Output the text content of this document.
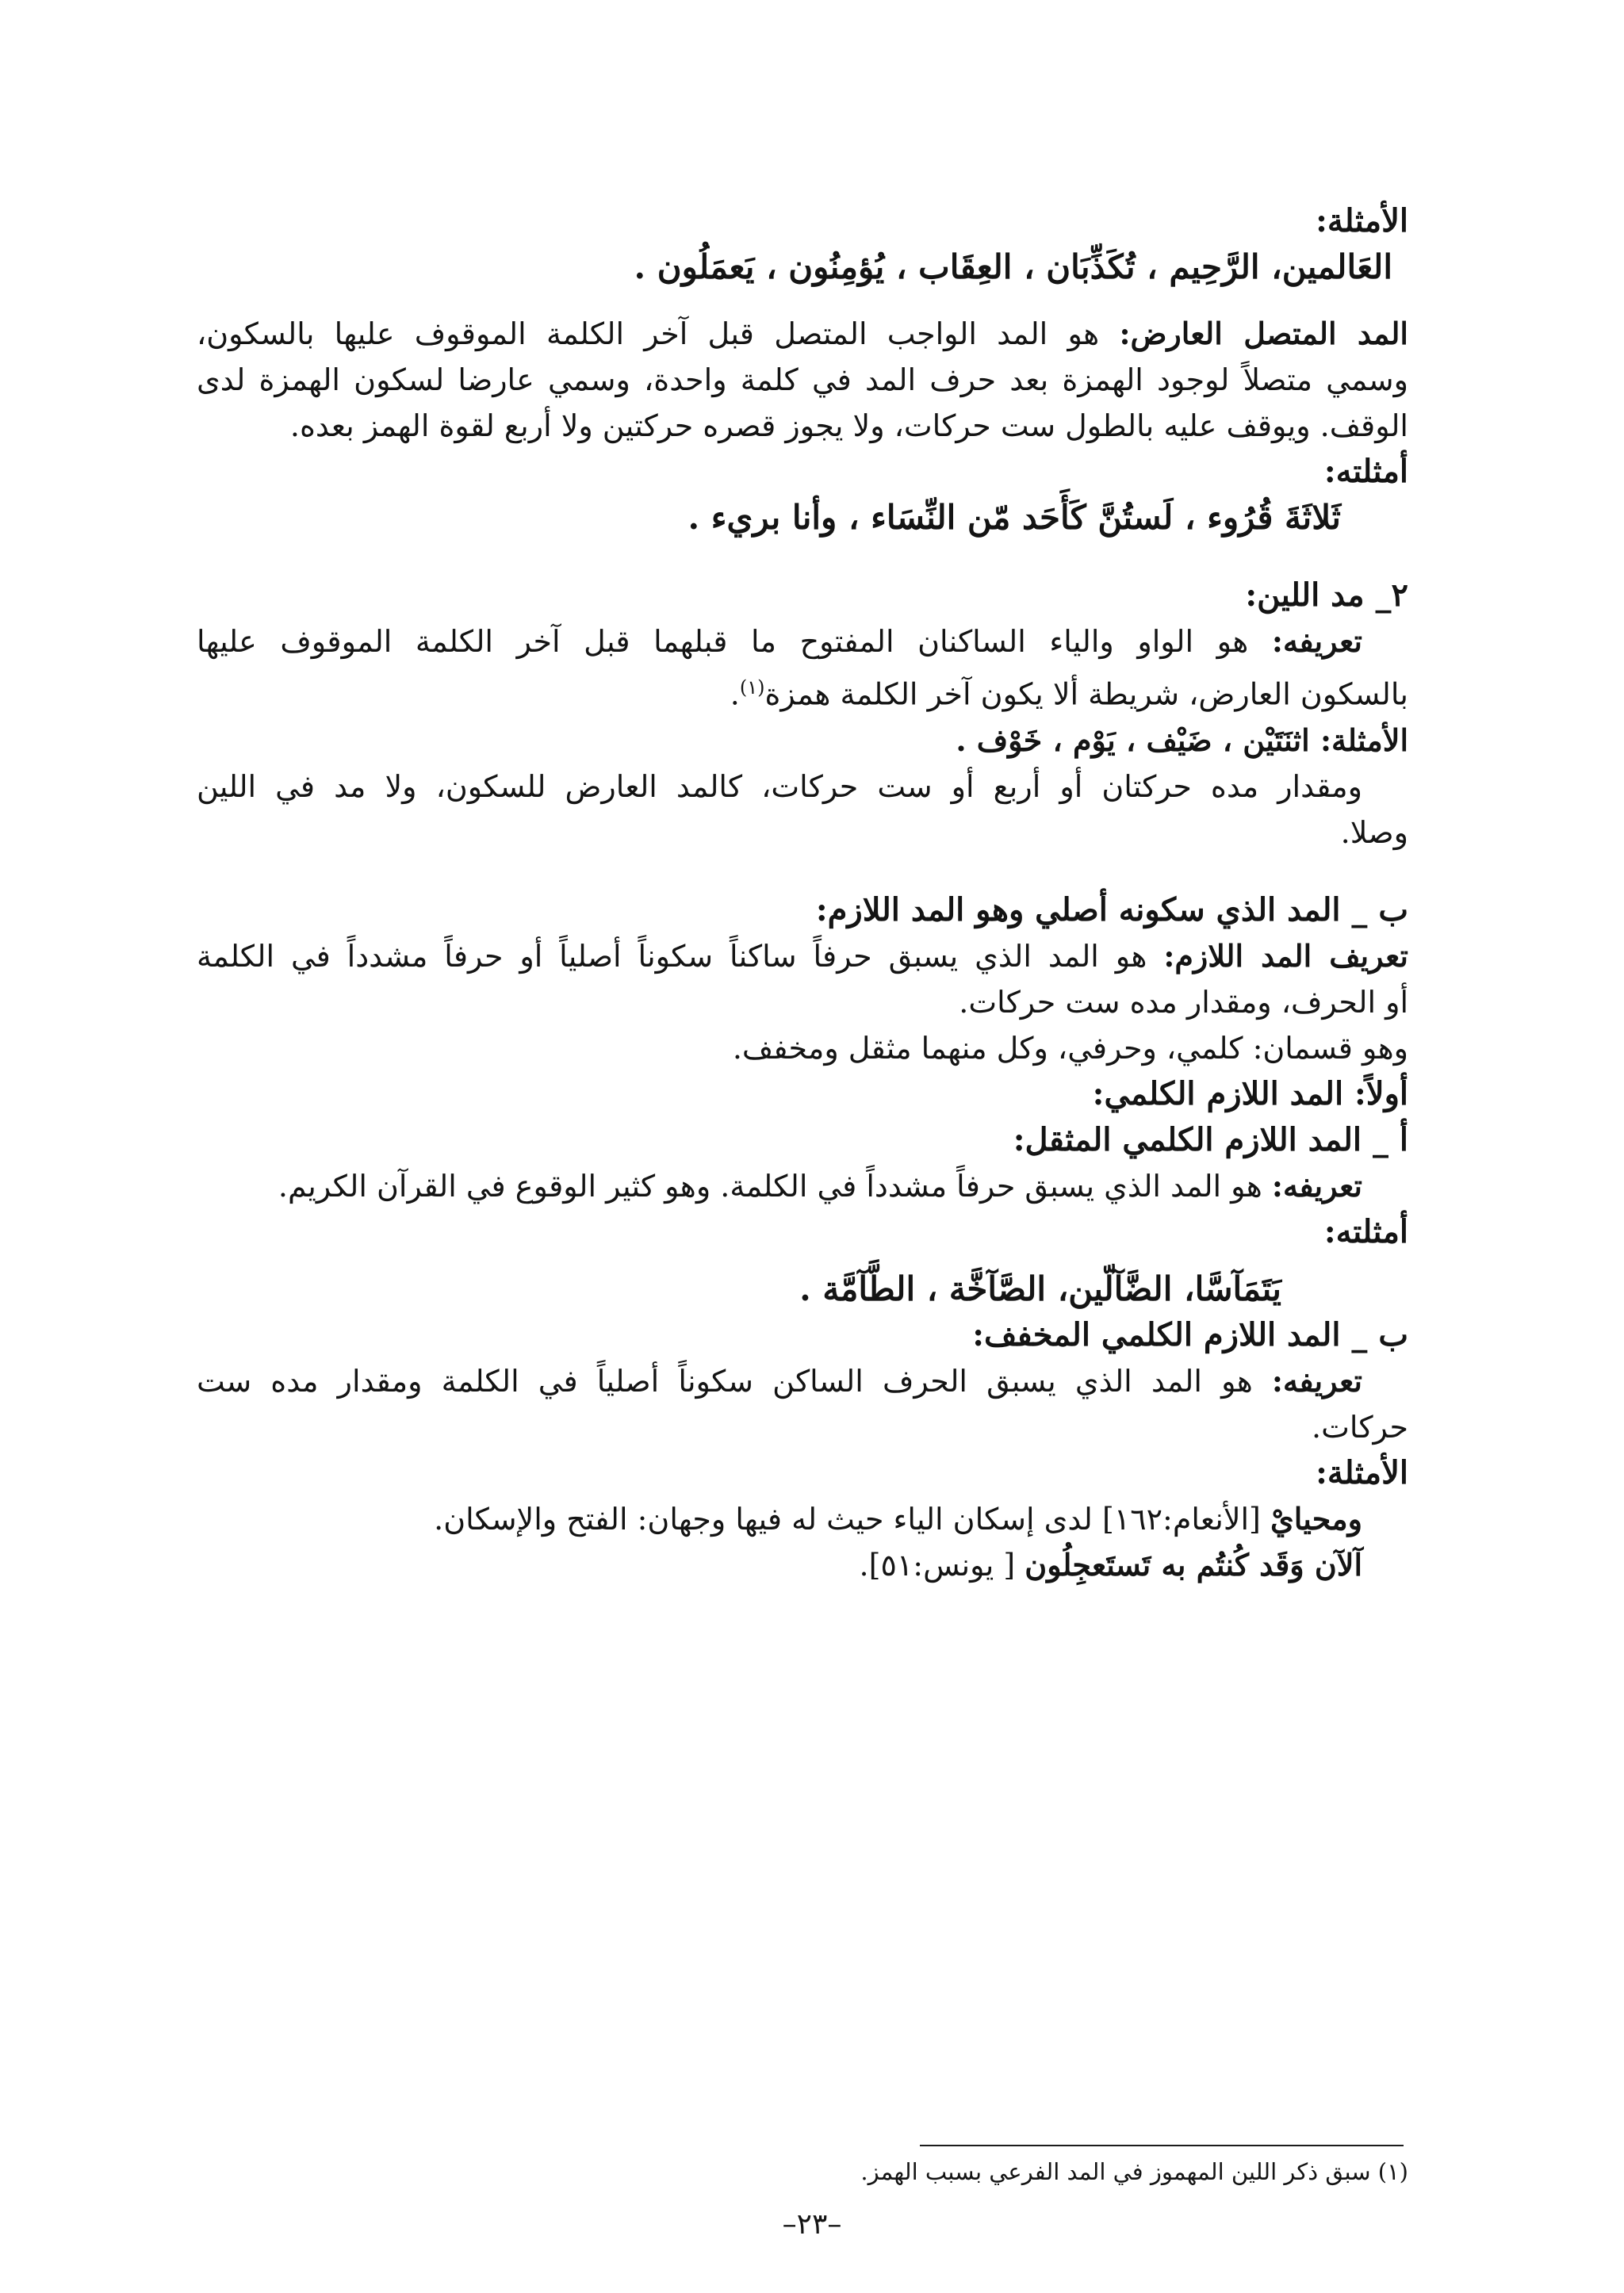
الأمثلة:

العَالمين، الرَّحِيم ، تُكَذِّبَان ، العِقَاب ، يُؤمِنُون ، يَعمَلُون .

المد المتصل العارض: هو المد الواجب المتصل قبل آخر الكلمة الموقوف عليها بالسكون،

وسمي متصلاً لوجود الهمزة بعد حرف المد في كلمة واحدة، وسمي عارضا لسكون الهمزة لدى

الوقف. ويوقف عليه بالطول ست حركات، ولا يجوز قصره حركتين ولا أربع لقوة الهمز بعده.

أمثلته:

ثَلاثَةَ قُرُوء ، لَستُنَّ كَأَحَد مّن النِّسَاء ، وأنا بريء .

٢_ مد اللين:

تعريفه: هو الواو والياء الساكنان المفتوح ما قبلهما قبل آخر الكلمة الموقوف عليها

بالسكون العارض، شريطة ألا يكون آخر الكلمة همزة$^{(١)}$.

الأمثلة: اثنَتَيْن ، ضَيْف ، يَوْم ، خَوْف .

ومقدار مده حركتان أو أربع أو ست حركات، كالمد العارض للسكون، ولا مد في اللين

وصلا.

ب _ المد الذي سكونه أصلي وهو المد اللازم:

تعريف المد اللازم: هو المد الذي يسبق حرفاً ساكناً سكوناً أصلياً أو حرفاً مشدداً في الكلمة

أو الحرف، ومقدار مده ست حركات.

وهو قسمان: كلمي، وحرفي، وكل منهما مثقل ومخفف.

أولاً: المد اللازم الكلمي:

أ _ المد اللازم الكلمي المثقل:

تعريفه: هو المد الذي يسبق حرفاً مشدداً في الكلمة. وهو كثير الوقوع في القرآن الكريم.

أمثلته:

يَتَمَآسَّا، الضَّآلّين، الصَّآخَّة ، الطَّآمَّة .

ب _ المد اللازم الكلمي المخفف:

تعريفه: هو المد الذي يسبق الحرف الساكن سكوناً أصلياً في الكلمة ومقدار مده ست

حركات.

الأمثلة:

ومحيايْ [الأنعام:١٦٢] لدى إسكان الياء حيث له فيها وجهان: الفتح والإسكان.

آلآن وَقَد كُنتُم به تَستَعجِلُون [ يونس:٥١].

(١) سبق ذكر اللين المهموز في المد الفرعي بسبب الهمز.
–٢٣–
